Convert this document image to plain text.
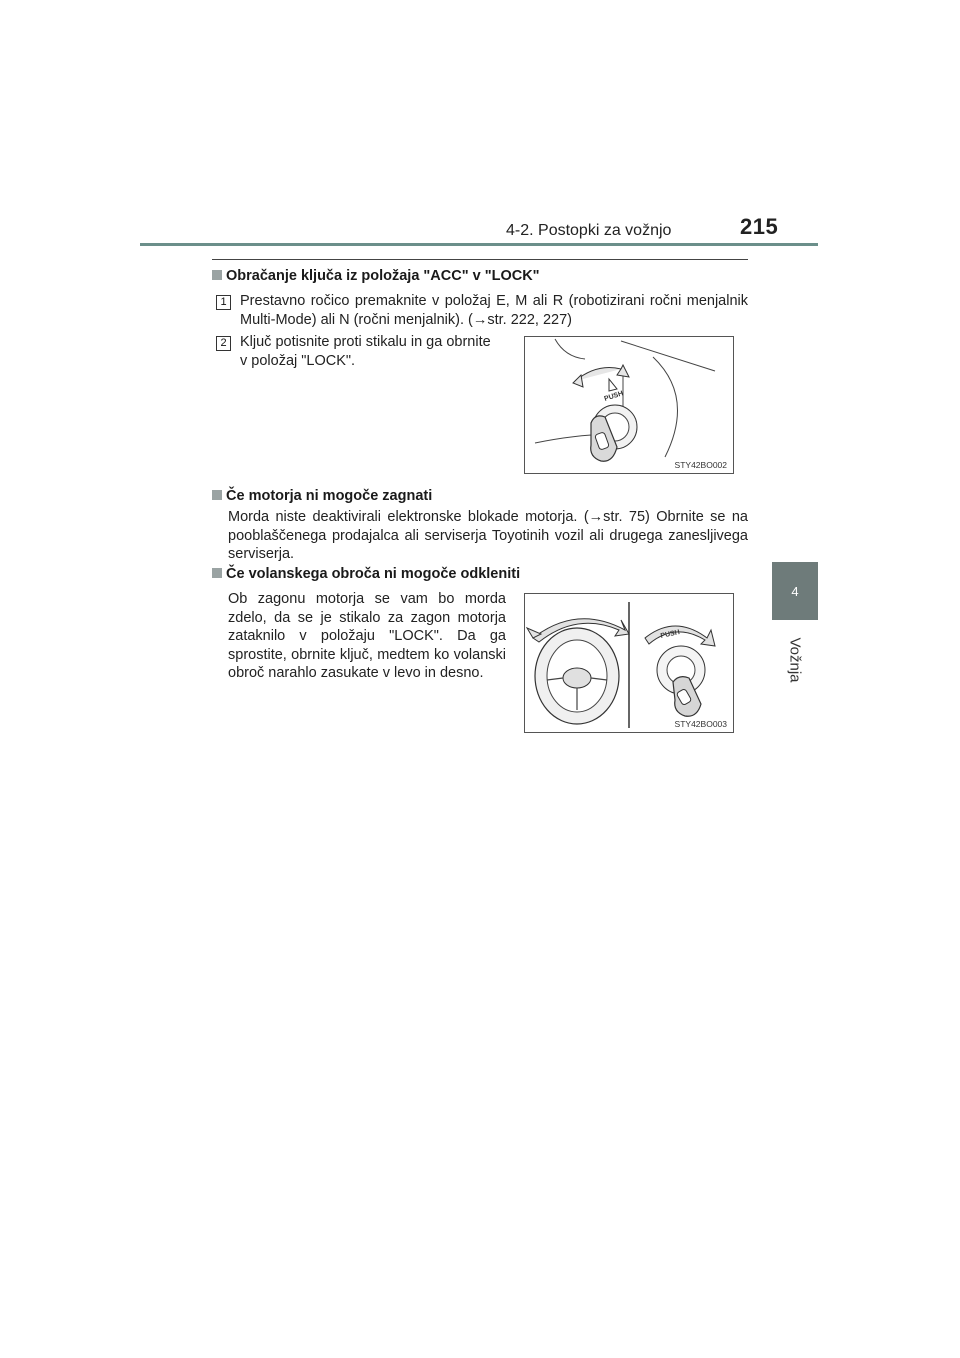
4-2. Postopki za vožnjo	215
4
Vožnja
Obračanje ključa iz položaja "ACC" v "LOCK"
1 Prestavno ročico premaknite v položaj E, M ali R (robotizirani ročni menjalnik Multi-Mode) ali N (ročni menjalnik). (→str. 222, 227)
2 Ključ potisnite proti stikalu in ga obrnite
v položaj "LOCK".
PUSH
STY42BO002
Če motorja ni mogoče zagnati
Morda niste deaktivirali elektronske blokade motorja. (→str. 75) Obrnite se na pooblaščenega prodajalca ali serviserja Toyotinih vozil ali drugega zanesljivega serviserja.
Če volanskega obroča ni mogoče odkleniti
Ob zagonu motorja se vam bo morda zdelo, da se je stikalo za zagon motorja zataknilo v položaju "LOCK". Da ga sprostite, obrnite ključ, medtem ko volanski obroč narahlo zasukate v levo in desno.
PUSH
STY42BO003
